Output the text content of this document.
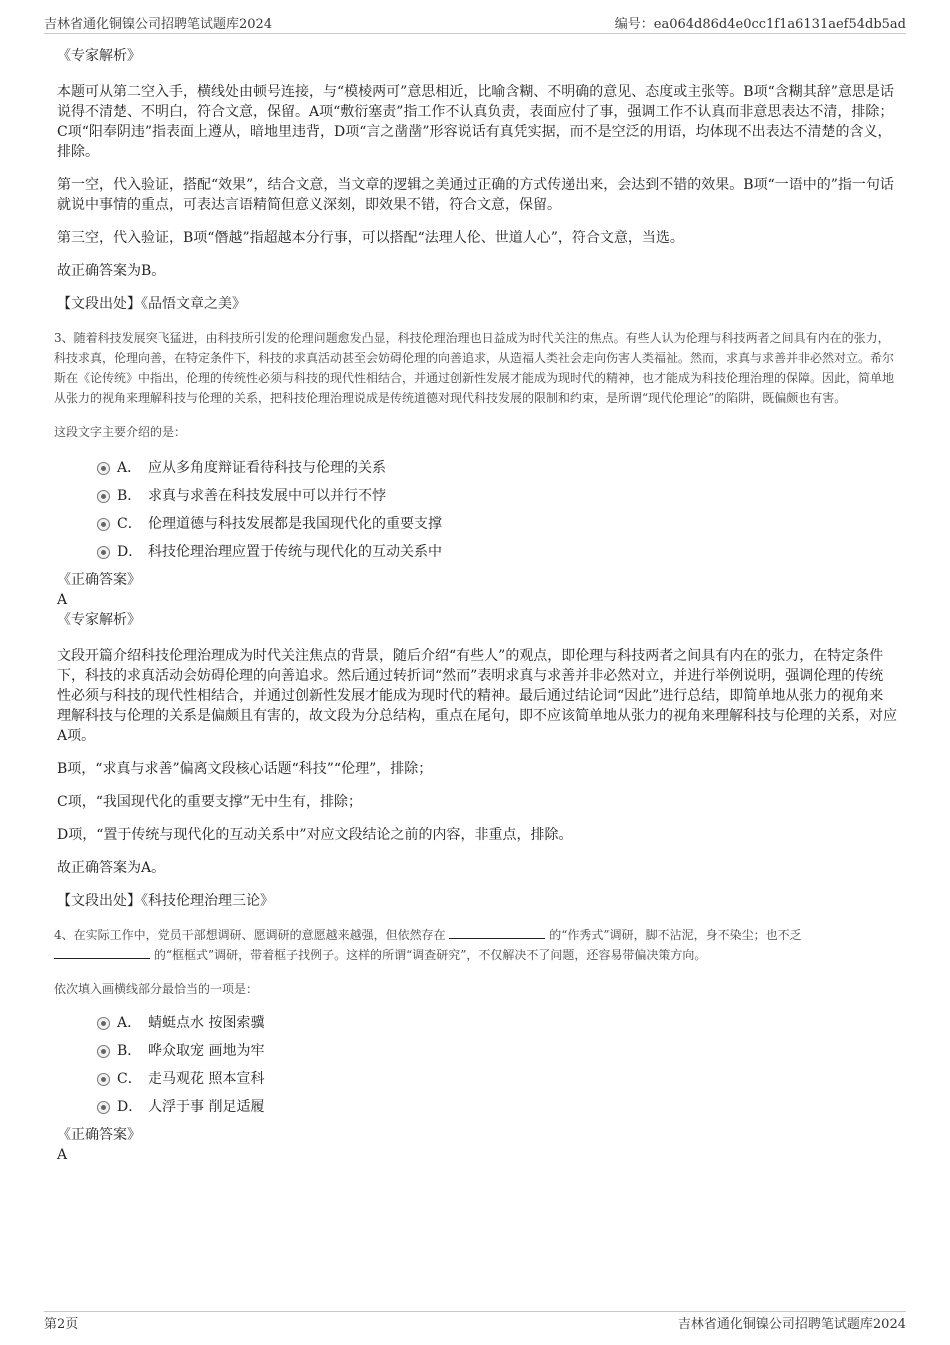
吉林省通化铜镍公司招聘笔试题库2024	编号：ea064d86d4e0cc1f1a6131aef54db5ad
《专家解析》

本题可从第二空入手，横线处由顿号连接，与“模棱两可”意思相近，比喻含糊、不明确的意见、态度或主张等。B项“含糊其辞”意思是话说得不清楚、不明白，符合文意，保留。A项“敷衍塞责”指工作不认真负责，表面应付了事，强调工作不认真而非意思表达不清，排除；C项“阳奉阴违”指表面上遵从，暗地里违背，D项“言之凿凿”形容说话有真凭实据，而不是空泛的用语，均体现不出表达不清楚的含义，排除。

第一空，代入验证，搭配“效果”，结合文意，当文章的逻辑之美通过正确的方式传递出来，会达到不错的效果。B项“一语中的”指一句话就说中事情的重点，可表达言语精简但意义深刻，即效果不错，符合文意，保留。

第三空，代入验证，B项“僭越”指超越本分行事，可以搭配“法理人伦、世道人心”，符合文意，当选。

故正确答案为B。

【文段出处】《品悟文章之美》

3、随着科技发展突飞猛进，由科技所引发的伦理问题愈发凸显，科技伦理治理也日益成为时代关注的焦点。有些人认为伦理与科技两者之间具有内在的张力，科技求真，伦理向善，在特定条件下，科技的求真活动甚至会妨碍伦理的向善追求，从造福人类社会走向伤害人类福祉。然而，求真与求善并非必然对立。希尔斯在《论传统》中指出，伦理的传统性必须与科技的现代性相结合，并通过创新性发展才能成为现时代的精神，也才能成为科技伦理治理的保障。因此，简单地从张力的视角来理解科技与伦理的关系，把科技伦理治理说成是传统道德对现代科技发展的限制和约束，是所谓“现代伦理论”的陷阱，既偏颇也有害。

这段文字主要介绍的是：

A． 应从多角度辩证看待科技与伦理的关系
B． 求真与求善在科技发展中可以并行不悖
C． 伦理道德与科技发展都是我国现代化的重要支撑
D． 科技伦理治理应置于传统与现代化的互动关系中
《正确答案》
A
《专家解析》

文段开篇介绍科技伦理治理成为时代关注焦点的背景，随后介绍“有些人”的观点，即伦理与科技两者之间具有内在的张力，在特定条件下，科技的求真活动会妨碍伦理的向善追求。然后通过转折词“然而”表明求真与求善并非必然对立，并进行举例说明，强调伦理的传统性必须与科技的现代性相结合，并通过创新性发展才能成为现时代的精神。最后通过结论词“因此”进行总结，即简单地从张力的视角来理解科技与伦理的关系是偏颇且有害的，故文段为分总结构，重点在尾句，即不应该简单地从张力的视角来理解科技与伦理的关系，对应A项。

B项，“求真与求善”偏离文段核心话题“科技”“伦理”，排除；

C项，“我国现代化的重要支撑”无中生有，排除；

D项，“置于传统与现代化的互动关系中”对应文段结论之前的内容，非重点，排除。

故正确答案为A。

【文段出处】《科技伦理治理三论》

4、在实际工作中，党员干部想调研、愿调研的意愿越来越强，但依然存在	的“作秀式”调研，脚不沾泥，身不染尘；也不乏  的“框框式”调研，带着框子找例子。这样的所谓“调查研究”，不仅解决不了问题，还容易带偏决策方向。

依次填入画横线部分最恰当的一项是：

A． 蜻蜓点水 按图索骥
B． 哗众取宠 画地为牢
C． 走马观花 照本宣科
D． 人浮于事 削足适履
《正确答案》
A
第2页	吉林省通化铜镍公司招聘笔试题库2024
